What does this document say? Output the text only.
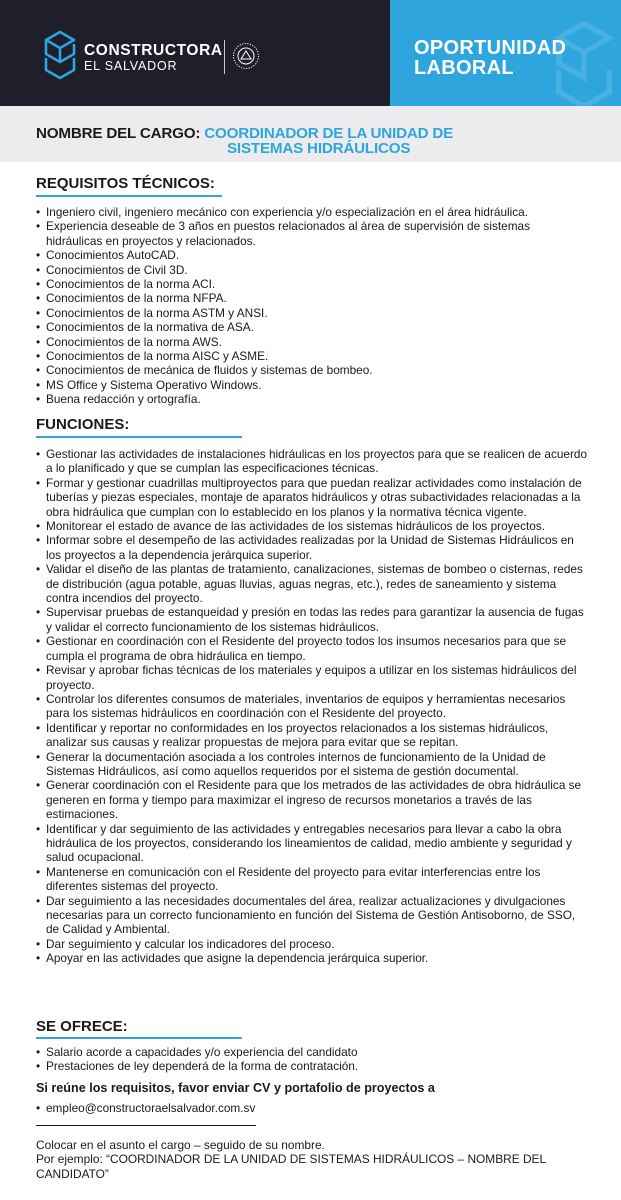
CONSTRUCTORA
EL SALVADOR
OPORTUNIDAD
LABORAL
NOMBRE DEL CARGO: COORDINADOR DE LA UNIDAD DE
SISTEMAS HIDRÁULICOS
REQUISITOS TÉCNICOS:
• Ingeniero civil, ingeniero mecánico con experiencia y/o especialización en el área hidráulica.
• Experiencia deseable de 3 años en puestos relacionados al área de supervisión de sistemas hidráulicas en proyectos y relacionados.
• Conocimientos AutoCAD.
• Conocimientos de Civil 3D.
• Conocimientos de la norma ACI.
• Conocimientos de la norma NFPA.
• Conocimientos de la norma ASTM y ANSI.
• Conocimientos de la normativa de ASA.
• Conocimientos de la norma AWS.
• Conocimientos de la norma AISC y ASME.
• Conocimientos de mecánica de fluidos y sistemas de bombeo.
• MS Office y Sistema Operativo Windows.
• Buena redacción y ortografía.
FUNCIONES:
• Gestionar las actividades de instalaciones hidráulicas en los proyectos para que se realicen de acuerdo a lo planificado y que se cumplan las especificaciones técnicas.
• Formar y gestionar cuadrillas multiproyectos para que puedan realizar actividades como instalación de tuberías y piezas especiales, montaje de aparatos hidráulicos y otras subactividades relacionadas a la obra hidráulica que cumplan con lo establecido en los planos y la normativa técnica vigente.
• Monitorear el estado de avance de las actividades de los sistemas hidráulicos de los proyectos.
• Informar sobre el desempeño de las actividades realizadas por la Unidad de Sistemas Hidráulicos en los proyectos a la dependencia jerárquica superior.
• Validar el diseño de las plantas de tratamiento, canalizaciones, sistemas de bombeo o cisternas, redes de distribución (agua potable, aguas lluvias, aguas negras, etc.), redes de saneamiento y sistema contra incendios del proyecto.
• Supervisar pruebas de estanqueidad y presión en todas las redes para garantizar la ausencia de fugas y validar el correcto funcionamiento de los sistemas hidráulicos.
• Gestionar en coordinación con el Residente del proyecto todos los insumos necesarios para que se cumpla el programa de obra hidráulica en tiempo.
• Revisar y aprobar fichas técnicas de los materiales y equipos a utilizar en los sistemas hidráulicos del proyecto.
• Controlar los diferentes consumos de materiales, inventarios de equipos y herramientas necesarios para los sistemas hidráulicos en coordinación con el Residente del proyecto.
• Identificar y reportar no conformidades en los proyectos relacionados a los sistemas hidráulicos, analizar sus causas y realizar propuestas de mejora para evitar que se repitan.
• Generar la documentación asociada a los controles internos de funcionamiento de la Unidad de Sistemas Hidráulicos, así como aquellos requeridos por el sistema de gestión documental.
• Generar coordinación con el Residente para que los metrados de las actividades de obra hidráulica se generen en forma y tiempo para maximizar el ingreso de recursos monetarios a través de las estimaciones.
• Identificar y dar seguimiento de las actividades y entregables necesarios para llevar a cabo la obra hidráulica de los proyectos, considerando los lineamientos de calidad, medio ambiente y seguridad y salud ocupacional.
• Mantenerse en comunicación con el Residente del proyecto para evitar interferencias entre los diferentes sistemas del proyecto.
• Dar seguimiento a las necesidades documentales del área, realizar actualizaciones y divulgaciones necesarias para un correcto funcionamiento en función del Sistema de Gestión Antisoborno, de SSO, de Calidad y Ambiental.
• Dar seguimiento y calcular los indicadores del proceso.
• Apoyar en las actividades que asigne la dependencia jerárquica superior.
SE OFRECE:
• Salario acorde a capacidades y/o experiencia del candidato
• Prestaciones de ley dependerá de la forma de contratación.
Si reúne los requisitos, favor enviar CV y portafolio de proyectos a
• empleo@constructoraelsalvador.com.sv
Colocar en el asunto el cargo – seguido de su nombre.
Por ejemplo: “COORDINADOR DE LA UNIDAD DE SISTEMAS HIDRÁULICOS – NOMBRE DEL CANDIDATO”
